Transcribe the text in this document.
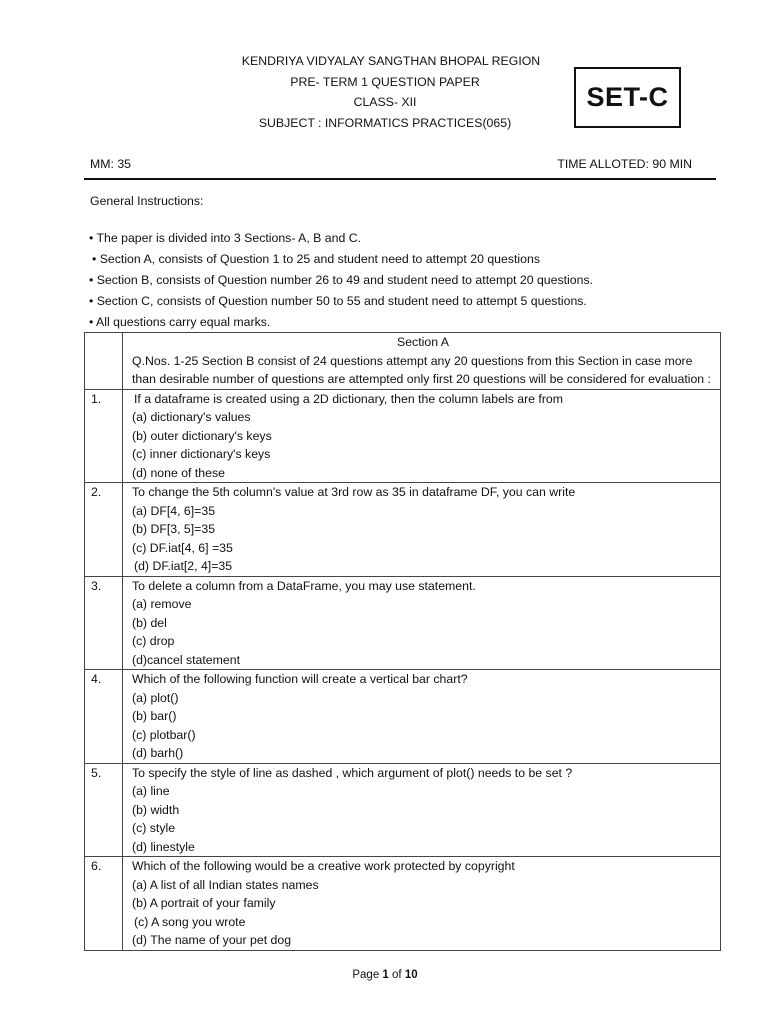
KENDRIYA VIDYALAY SANGTHAN BHOPAL REGION
PRE- TERM 1 QUESTION PAPER
CLASS- XII
SUBJECT : INFORMATICS PRACTICES(065)
SET-C
MM: 35	TIME ALLOTED: 90 MIN
General Instructions:
• The paper is divided into 3 Sections- A, B and C.
• Section A, consists of Question 1 to 25 and student need to attempt 20 questions
• Section B, consists of Question number 26 to 49 and student need to attempt 20 questions.
• Section C, consists of Question number 50 to 55 and student need to attempt 5 questions.
• All questions carry equal marks.

	Section A
Q.Nos. 1-25 Section B consist of 24 questions attempt any 20 questions from this Section in case more than desirable number of questions are attempted only first 20 questions will be considered for evaluation :

1.	If a dataframe is created using a 2D dictionary, then the column labels are from
(a) dictionary's values
(b) outer dictionary's keys
(c) inner dictionary's keys
(d) none of these

2.	To change the 5th column's value at 3rd row as 35 in dataframe DF, you can write
(a) DF[4, 6]=35
(b) DF[3, 5]=35
(c) DF.iat[4, 6] =35
(d) DF.iat[2, 4]=35

3.	To delete a column from a DataFrame, you may use statement.
(a) remove
(b) del
(c) drop
(d)cancel statement

4.	Which of the following function will create a vertical bar chart?
(a) plot()
(b) bar()
(c) plotbar()
(d) barh()

5.	To specify the style of line as dashed , which argument of plot() needs to be set ?
(a) line
(b) width
(c) style
(d) linestyle

6.	Which of the following would be a creative work protected by copyright
(a) A list of all Indian states names
(b) A portrait of your family
(c) A song you wrote
(d) The name of your pet dog
Page 1 of 10
